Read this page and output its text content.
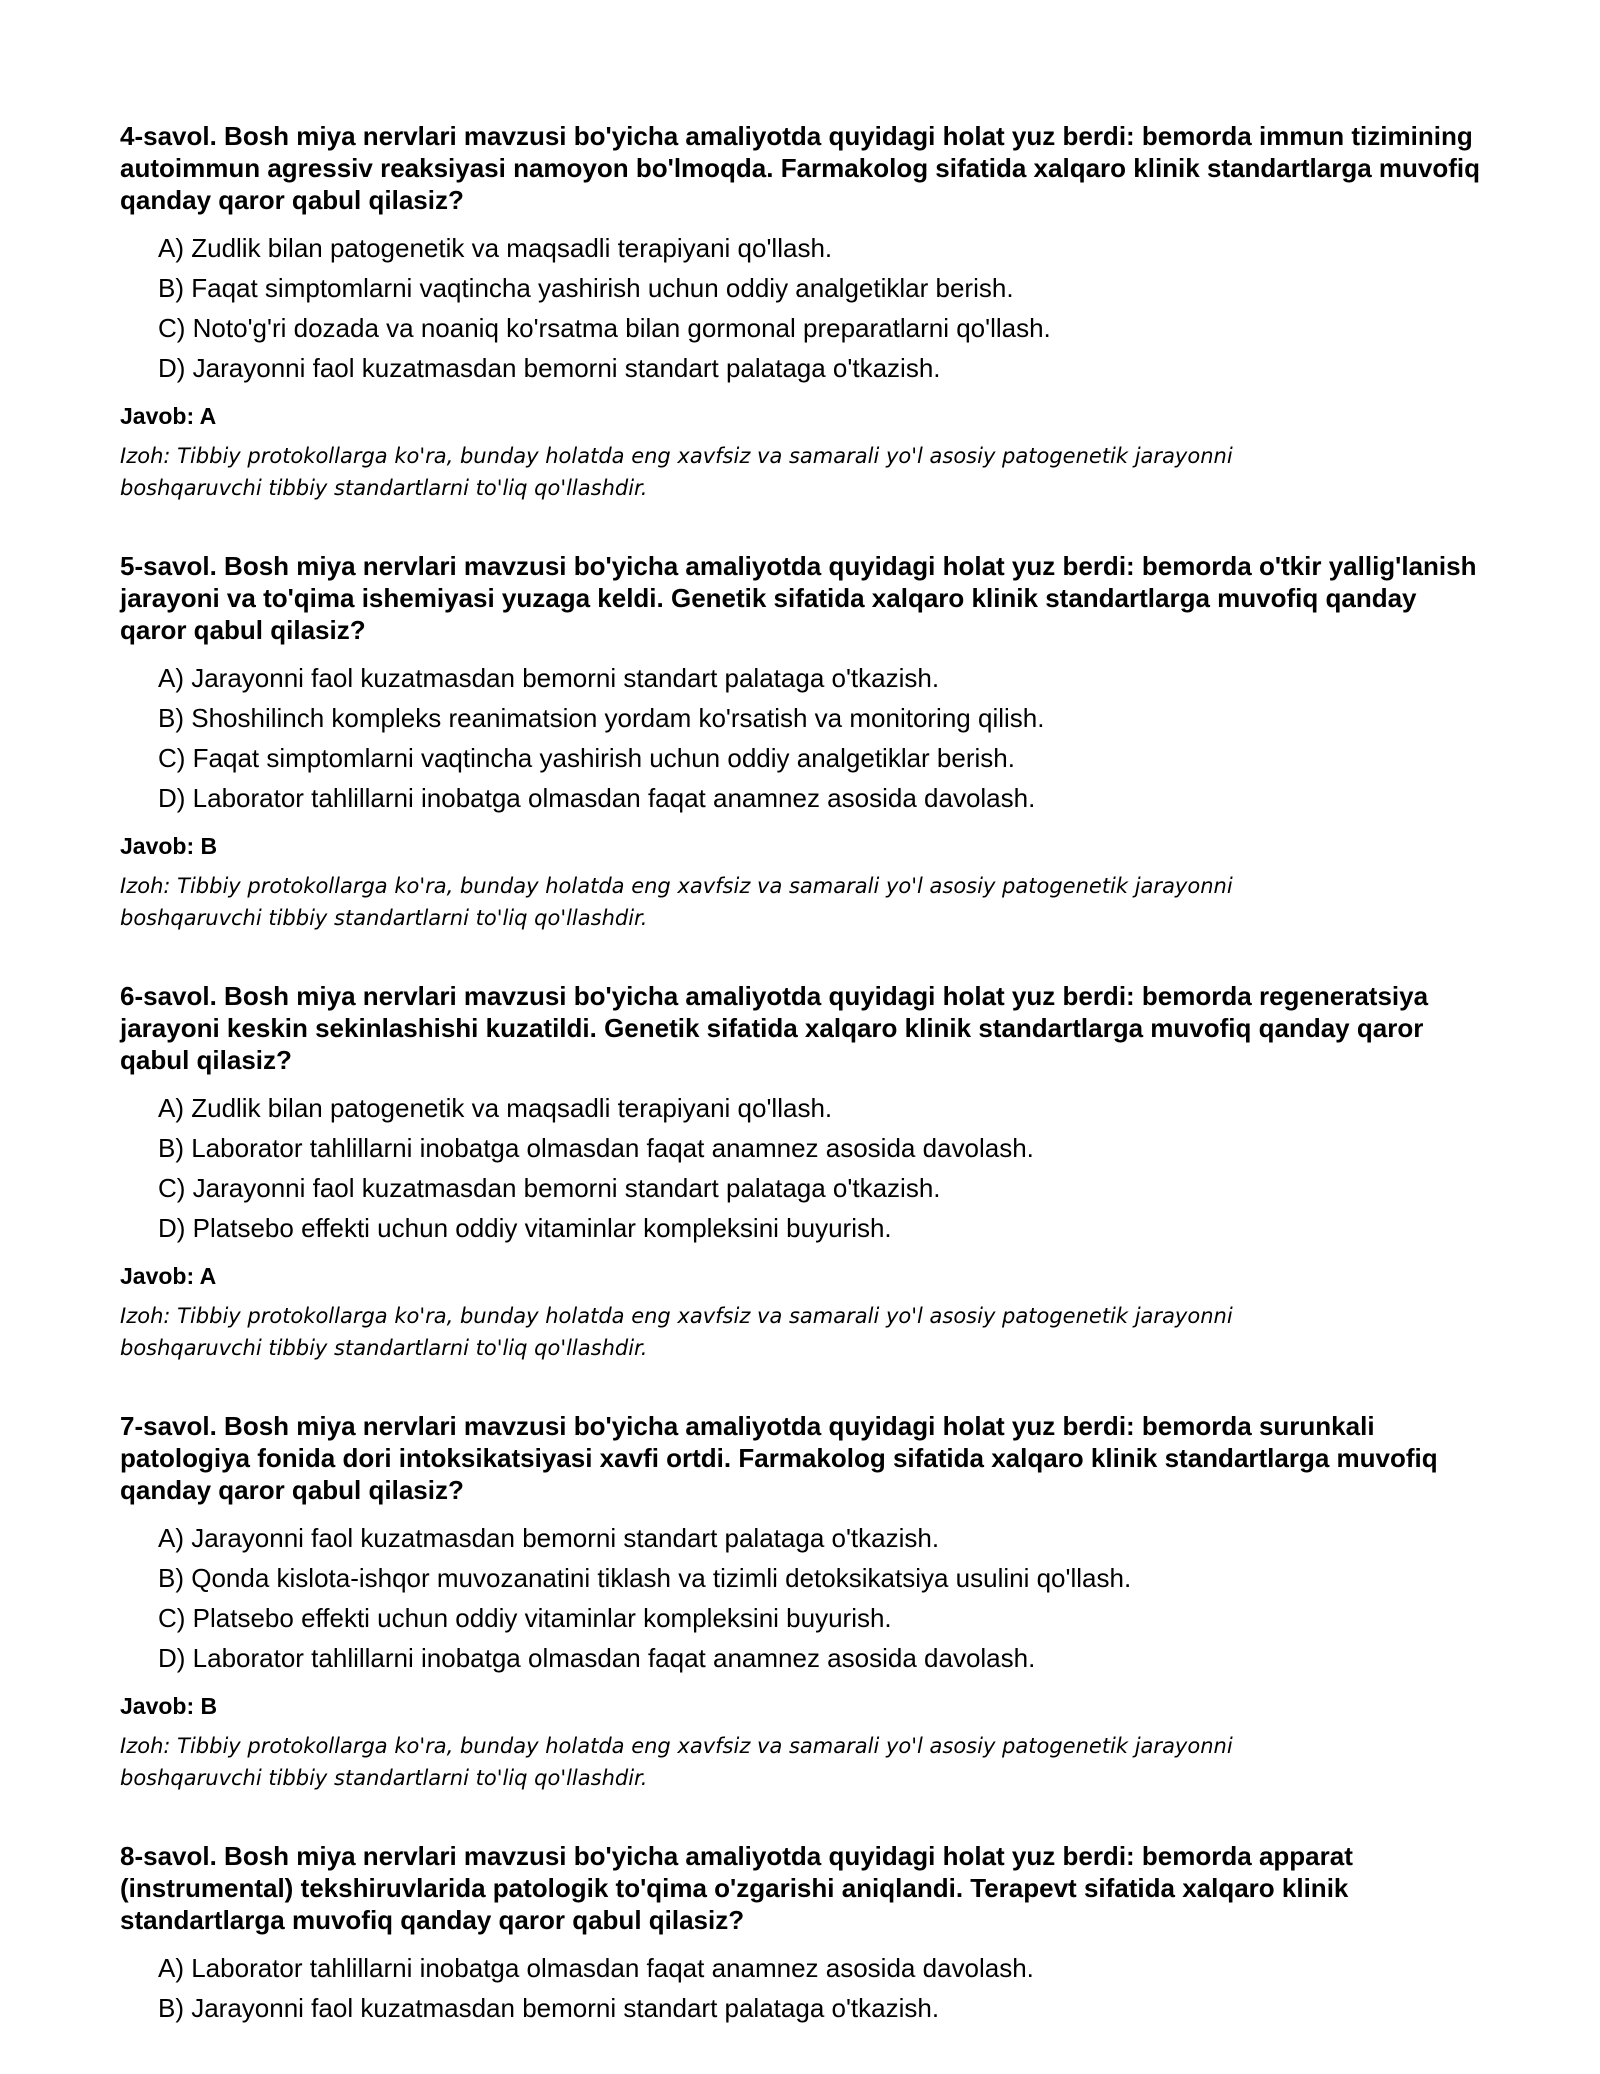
4-savol. Bosh miya nervlari mavzusi bo'yicha amaliyotda quyidagi holat yuz berdi: bemorda immun tizimining autoimmun agressiv reaksiyasi namoyon bo'lmoqda. Farmakolog sifatida xalqaro klinik standartlarga muvofiq qanday qaror qabul qilasiz?

A) Zudlik bilan patogenetik va maqsadli terapiyani qo'llash.
B) Faqat simptomlarni vaqtincha yashirish uchun oddiy analgetiklar berish.
C) Noto'g'ri dozada va noaniq ko'rsatma bilan gormonal preparatlarni qo'llash.
D) Jarayonni faol kuzatmasdan bemorni standart palataga o'tkazish.

Javob: A

Izoh: Tibbiy protokollarga ko'ra, bunday holatda eng xavfsiz va samarali yo'l asosiy patogenetik jarayonni boshqaruvchi tibbiy standartlarni to'liq qo'llashdir.

5-savol. Bosh miya nervlari mavzusi bo'yicha amaliyotda quyidagi holat yuz berdi: bemorda o'tkir yallig'lanish jarayoni va to'qima ishemiyasi yuzaga keldi. Genetik sifatida xalqaro klinik standartlarga muvofiq qanday qaror qabul qilasiz?

A) Jarayonni faol kuzatmasdan bemorni standart palataga o'tkazish.
B) Shoshilinch kompleks reanimatsion yordam ko'rsatish va monitoring qilish.
C) Faqat simptomlarni vaqtincha yashirish uchun oddiy analgetiklar berish.
D) Laborator tahlillarni inobatga olmasdan faqat anamnez asosida davolash.

Javob: B

Izoh: Tibbiy protokollarga ko'ra, bunday holatda eng xavfsiz va samarali yo'l asosiy patogenetik jarayonni boshqaruvchi tibbiy standartlarni to'liq qo'llashdir.

6-savol. Bosh miya nervlari mavzusi bo'yicha amaliyotda quyidagi holat yuz berdi: bemorda regeneratsiya jarayoni keskin sekinlashishi kuzatildi. Genetik sifatida xalqaro klinik standartlarga muvofiq qanday qaror qabul qilasiz?

A) Zudlik bilan patogenetik va maqsadli terapiyani qo'llash.
B) Laborator tahlillarni inobatga olmasdan faqat anamnez asosida davolash.
C) Jarayonni faol kuzatmasdan bemorni standart palataga o'tkazish.
D) Platsebo effekti uchun oddiy vitaminlar kompleksini buyurish.

Javob: A

Izoh: Tibbiy protokollarga ko'ra, bunday holatda eng xavfsiz va samarali yo'l asosiy patogenetik jarayonni boshqaruvchi tibbiy standartlarni to'liq qo'llashdir.

7-savol. Bosh miya nervlari mavzusi bo'yicha amaliyotda quyidagi holat yuz berdi: bemorda surunkali patologiya fonida dori intoksikatsiyasi xavfi ortdi. Farmakolog sifatida xalqaro klinik standartlarga muvofiq qanday qaror qabul qilasiz?

A) Jarayonni faol kuzatmasdan bemorni standart palataga o'tkazish.
B) Qonda kislota-ishqor muvozanatini tiklash va tizimli detoksikatsiya usulini qo'llash.
C) Platsebo effekti uchun oddiy vitaminlar kompleksini buyurish.
D) Laborator tahlillarni inobatga olmasdan faqat anamnez asosida davolash.

Javob: B

Izoh: Tibbiy protokollarga ko'ra, bunday holatda eng xavfsiz va samarali yo'l asosiy patogenetik jarayonni boshqaruvchi tibbiy standartlarni to'liq qo'llashdir.

8-savol. Bosh miya nervlari mavzusi bo'yicha amaliyotda quyidagi holat yuz berdi: bemorda apparat (instrumental) tekshiruvlarida patologik to'qima o'zgarishi aniqlandi. Terapevt sifatida xalqaro klinik standartlarga muvofiq qanday qaror qabul qilasiz?

A) Laborator tahlillarni inobatga olmasdan faqat anamnez asosida davolash.
B) Jarayonni faol kuzatmasdan bemorni standart palataga o'tkazish.
